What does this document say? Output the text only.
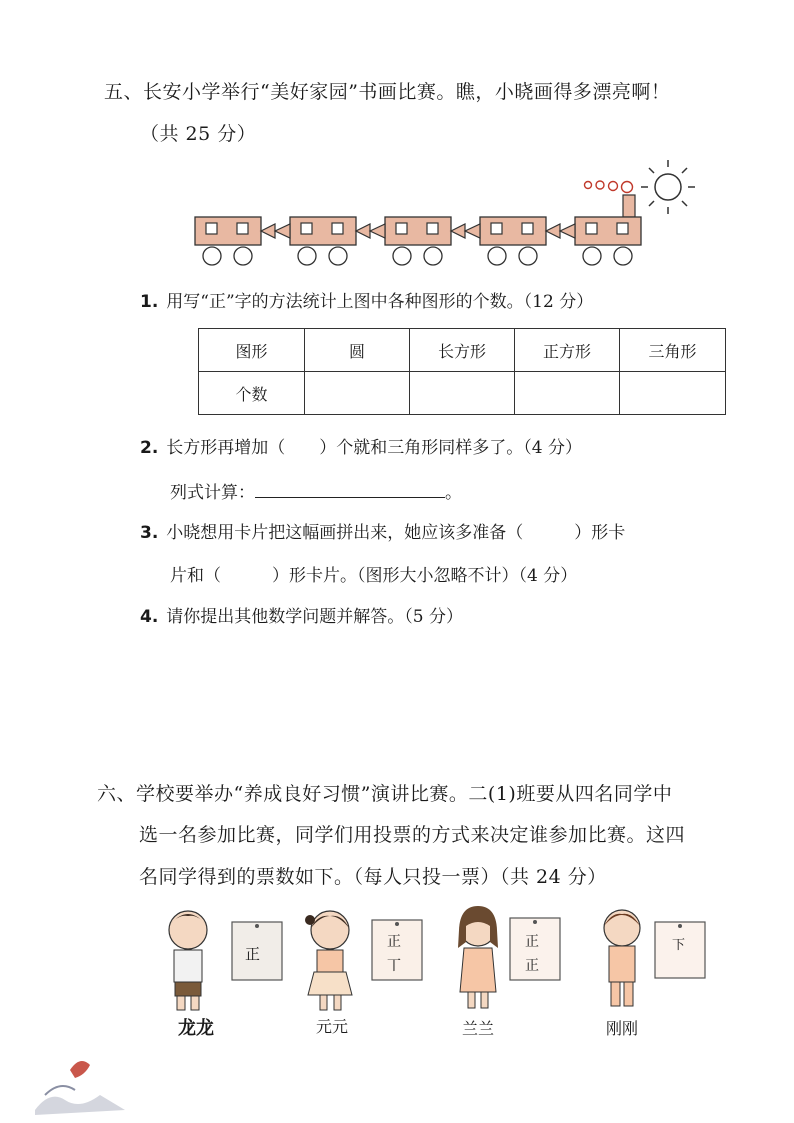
五、长安小学举行“美好家园”书画比赛。瞧，小晓画得多漂亮啊！
（共 25 分）
1. 用写“正”字的方法统计上图中各种图形的个数。（12 分）
图形	圆	长方形	正方形	三角形
个数				
2. 长方形再增加（　　）个就和三角形同样多了。（4 分）
列式计算：	。
3. 小晓想用卡片把这幅画拼出来，她应该多准备（　　　）形卡
片和（　　　）形卡片。（图形大小忽略不计）（4 分）
4. 请你提出其他数学问题并解答。（5 分）
六、学校要举办“养成良好习惯”演讲比赛。二(1)班要从四名同学中
选一名参加比赛，同学们用投票的方式来决定谁参加比赛。这四
名同学得到的票数如下。（每人只投一票）（共 24 分）
正
正
丅
正
正
下
龙龙	元元	兰兰	刚刚
